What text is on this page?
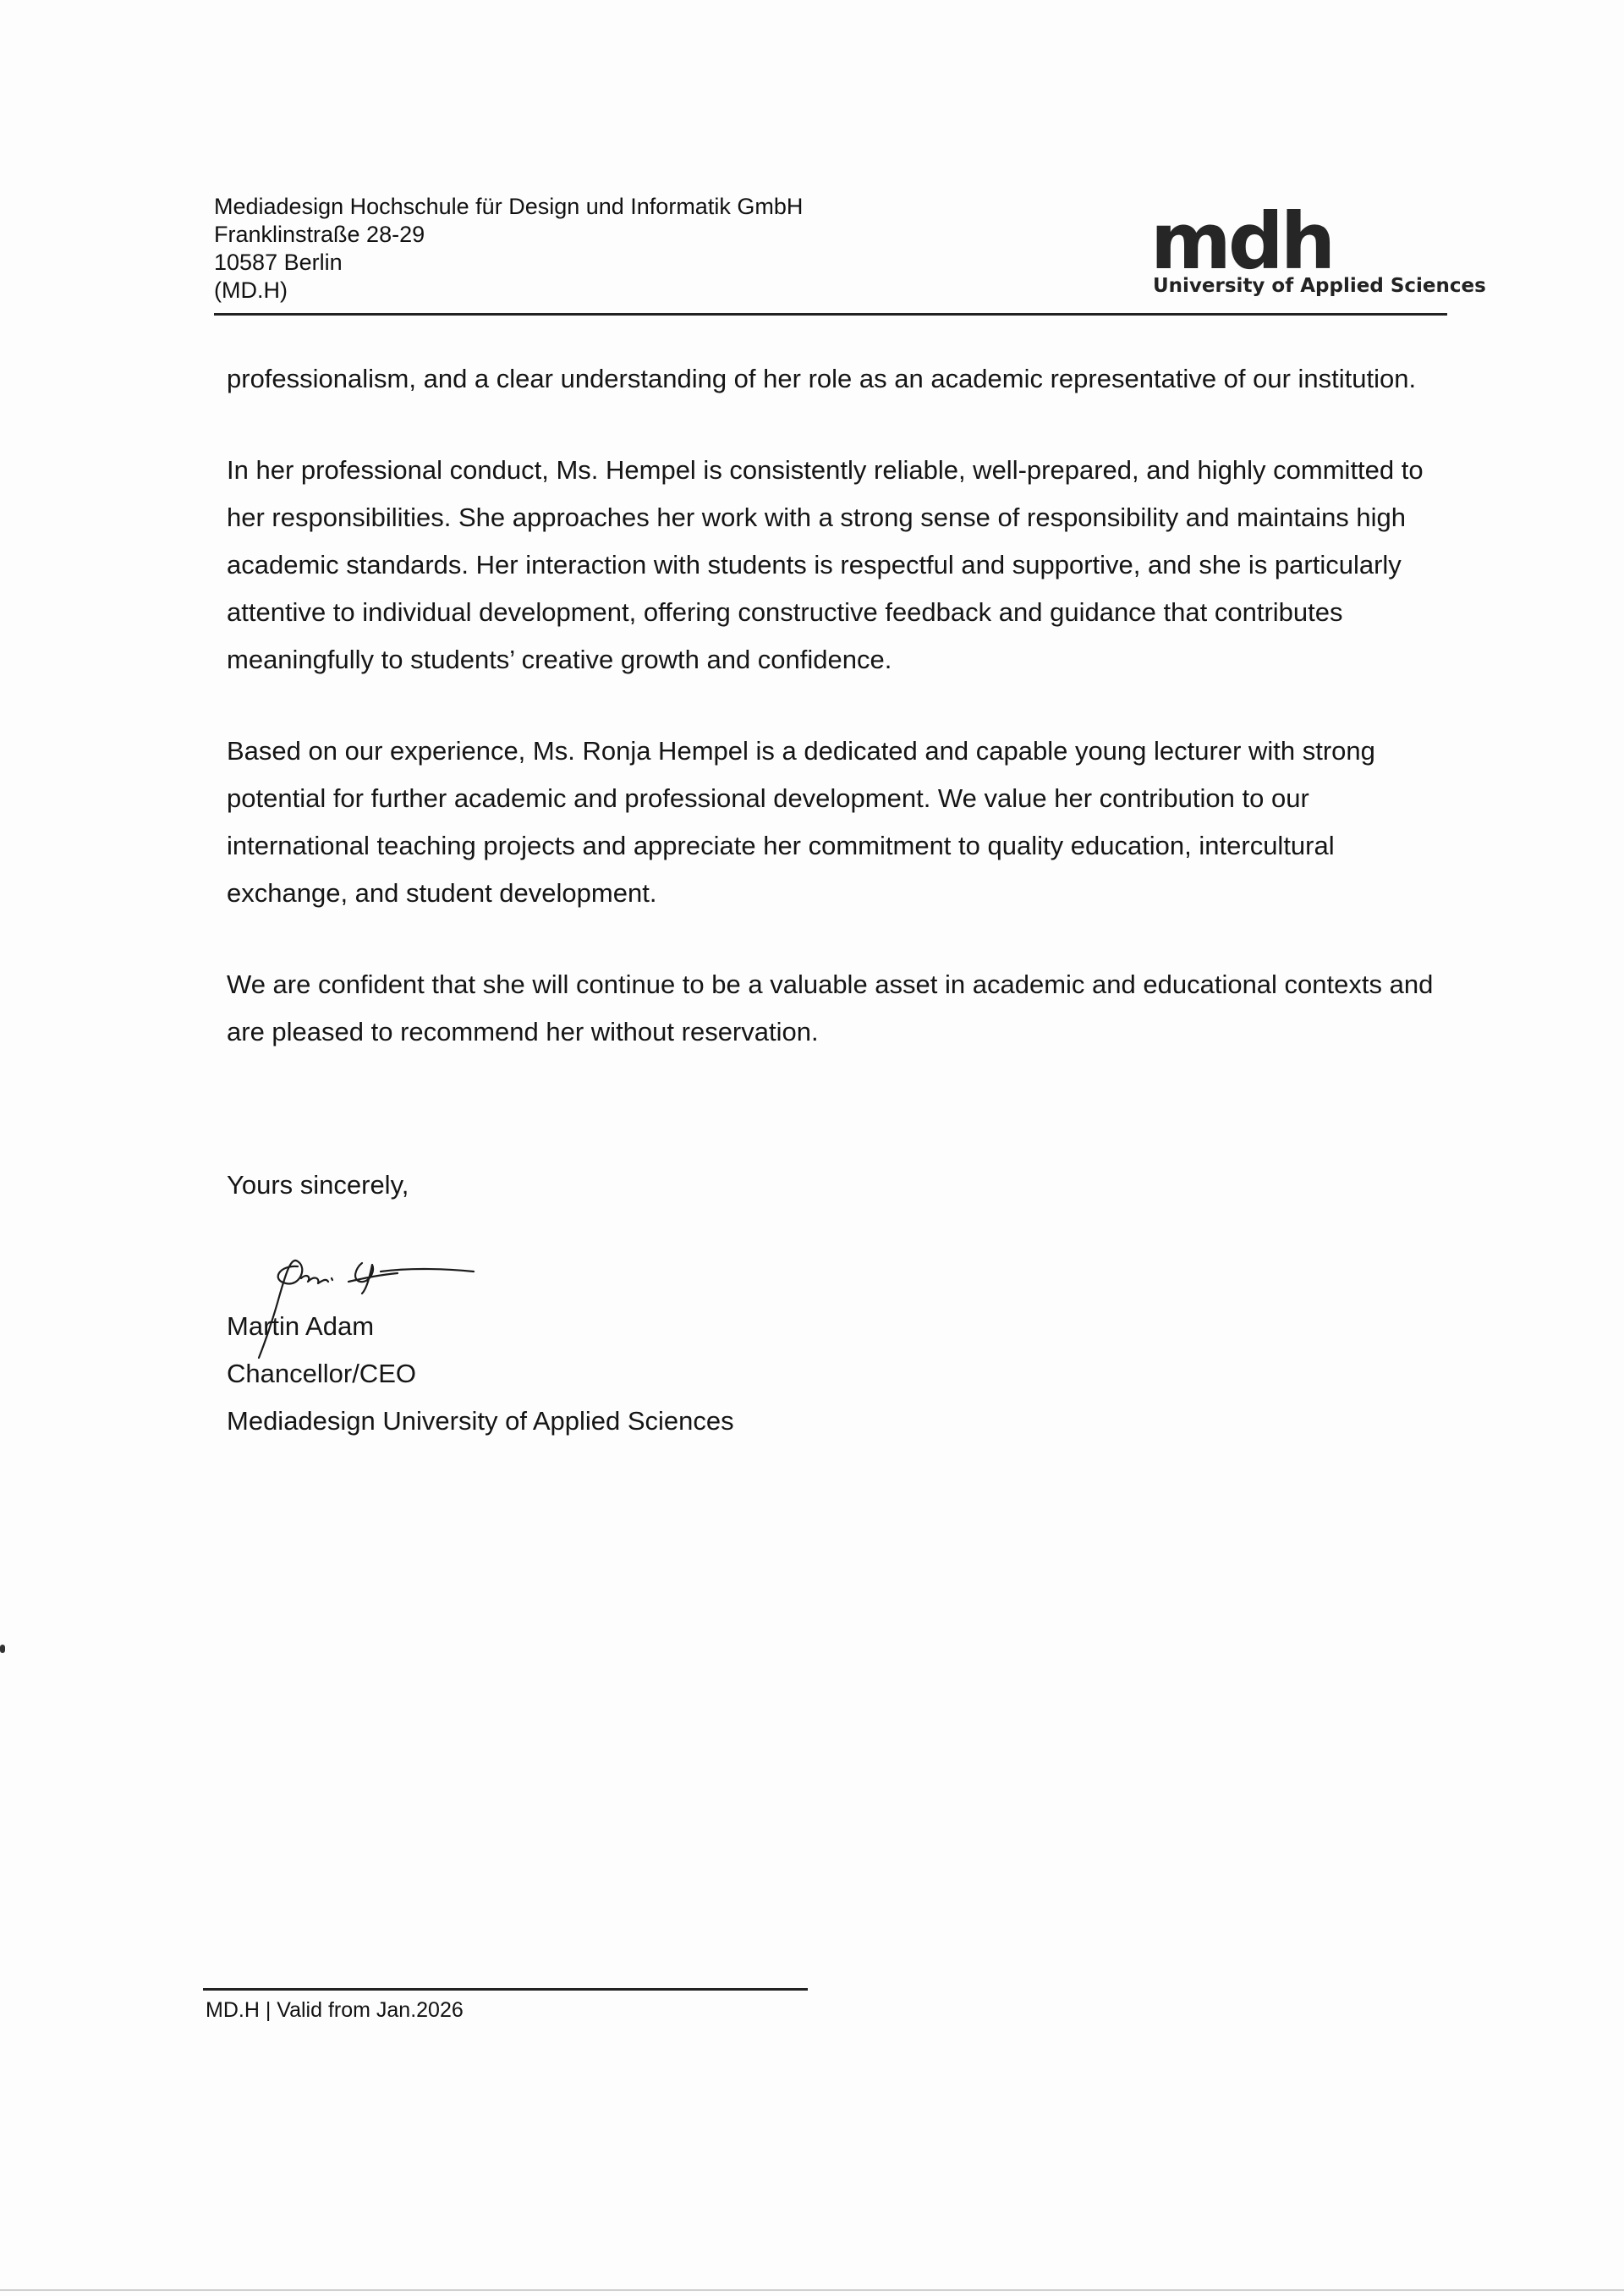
Mediadesign Hochschule für Design und Informatik GmbH
Franklinstraße 28-29
10587 Berlin
(MD.H)
mdh
University of Applied Sciences

professionalism, and a clear understanding of her role as an academic representative of our institution.

In her professional conduct, Ms. Hempel is consistently reliable, well-prepared, and highly committed to her responsibilities. She approaches her work with a strong sense of responsibility and maintains high academic standards. Her interaction with students is respectful and supportive, and she is particularly attentive to individual development, offering constructive feedback and guidance that contributes meaningfully to students’ creative growth and confidence.

Based on our experience, Ms. Ronja Hempel is a dedicated and capable young lecturer with strong potential for further academic and professional development. We value her contribution to our international teaching projects and appreciate her commitment to quality education, intercultural exchange, and student development.

We are confident that she will continue to be a valuable asset in academic and educational contexts and are pleased to recommend her without reservation.

Yours sincerely,
Martin Adam
Chancellor/CEO
Mediadesign University of Applied Sciences
MD.H | Valid from Jan.2026
